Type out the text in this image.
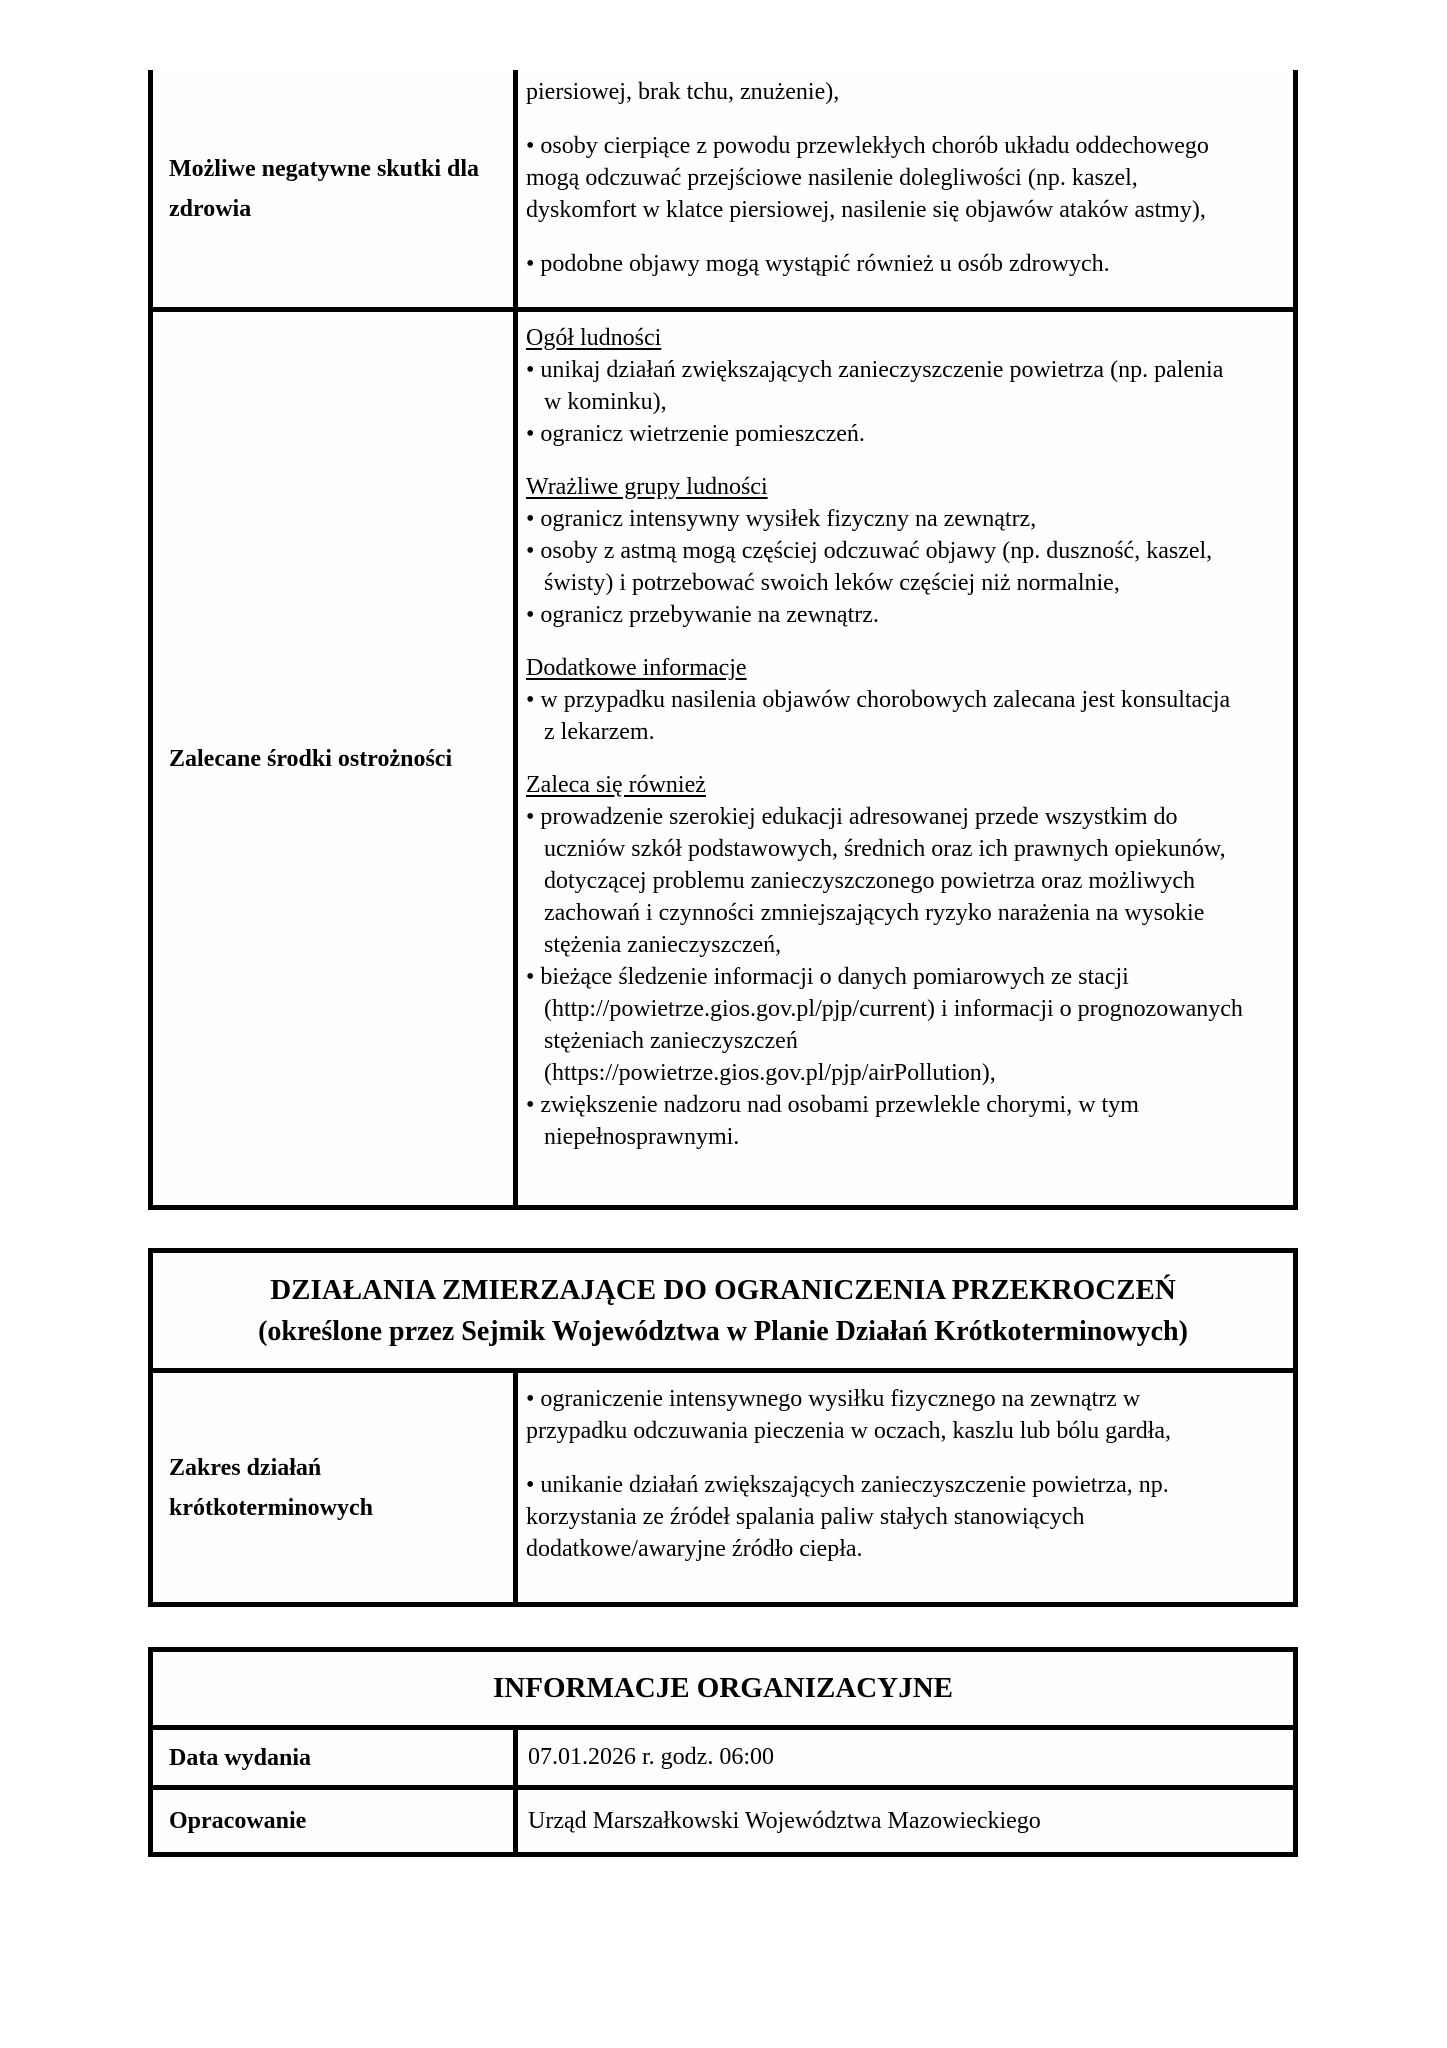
Możliwe negatywne skutki dla zdrowia

piersiowej, brak tchu, znużenie),

• osoby cierpiące z powodu przewlekłych chorób układu oddechowego mogą odczuwać przejściowe nasilenie dolegliwości (np. kaszel, dyskomfort w klatce piersiowej, nasilenie się objawów ataków astmy),

• podobne objawy mogą wystąpić również u osób zdrowych.

Zalecane środki ostrożności
Ogół ludności
• unikaj działań zwiększających zanieczyszczenie powietrza (np. palenia w kominku),
• ogranicz wietrzenie pomieszczeń.
Wrażliwe grupy ludności
• ogranicz intensywny wysiłek fizyczny na zewnątrz,
• osoby z astmą mogą częściej odczuwać objawy (np. duszność, kaszel, świsty) i potrzebować swoich leków częściej niż normalnie,
• ogranicz przebywanie na zewnątrz.
Dodatkowe informacje
• w przypadku nasilenia objawów chorobowych zalecana jest konsultacja z lekarzem.
Zaleca się również
• prowadzenie szerokiej edukacji adresowanej przede wszystkim do uczniów szkół podstawowych, średnich oraz ich prawnych opiekunów, dotyczącej problemu zanieczyszczonego powietrza oraz możliwych zachowań i czynności zmniejszających ryzyko narażenia na wysokie stężenia zanieczyszczeń,
• bieżące śledzenie informacji o danych pomiarowych ze stacji (http://powietrze.gios.gov.pl/pjp/current) i informacji o prognozowanych stężeniach zanieczyszczeń (https://powietrze.gios.gov.pl/pjp/airPollution),
• zwiększenie nadzoru nad osobami przewlekle chorymi, w tym niepełnosprawnymi.
DZIAŁANIA ZMIERZAJĄCE DO OGRANICZENIA PRZEKROCZEŃ
(określone przez Sejmik Województwa w Planie Działań Krótkoterminowych)
Zakres działań krótkoterminowych

• ograniczenie intensywnego wysiłku fizycznego na zewnątrz w przypadku odczuwania pieczenia w oczach, kaszlu lub bólu gardła,

• unikanie działań zwiększających zanieczyszczenie powietrza, np. korzystania ze źródeł spalania paliw stałych stanowiących dodatkowe/awaryjne źródło ciepła.

INFORMACJE ORGANIZACYJNE
Data wydania	07.01.2026 r. godz. 06:00
Opracowanie	Urząd Marszałkowski Województwa Mazowieckiego
